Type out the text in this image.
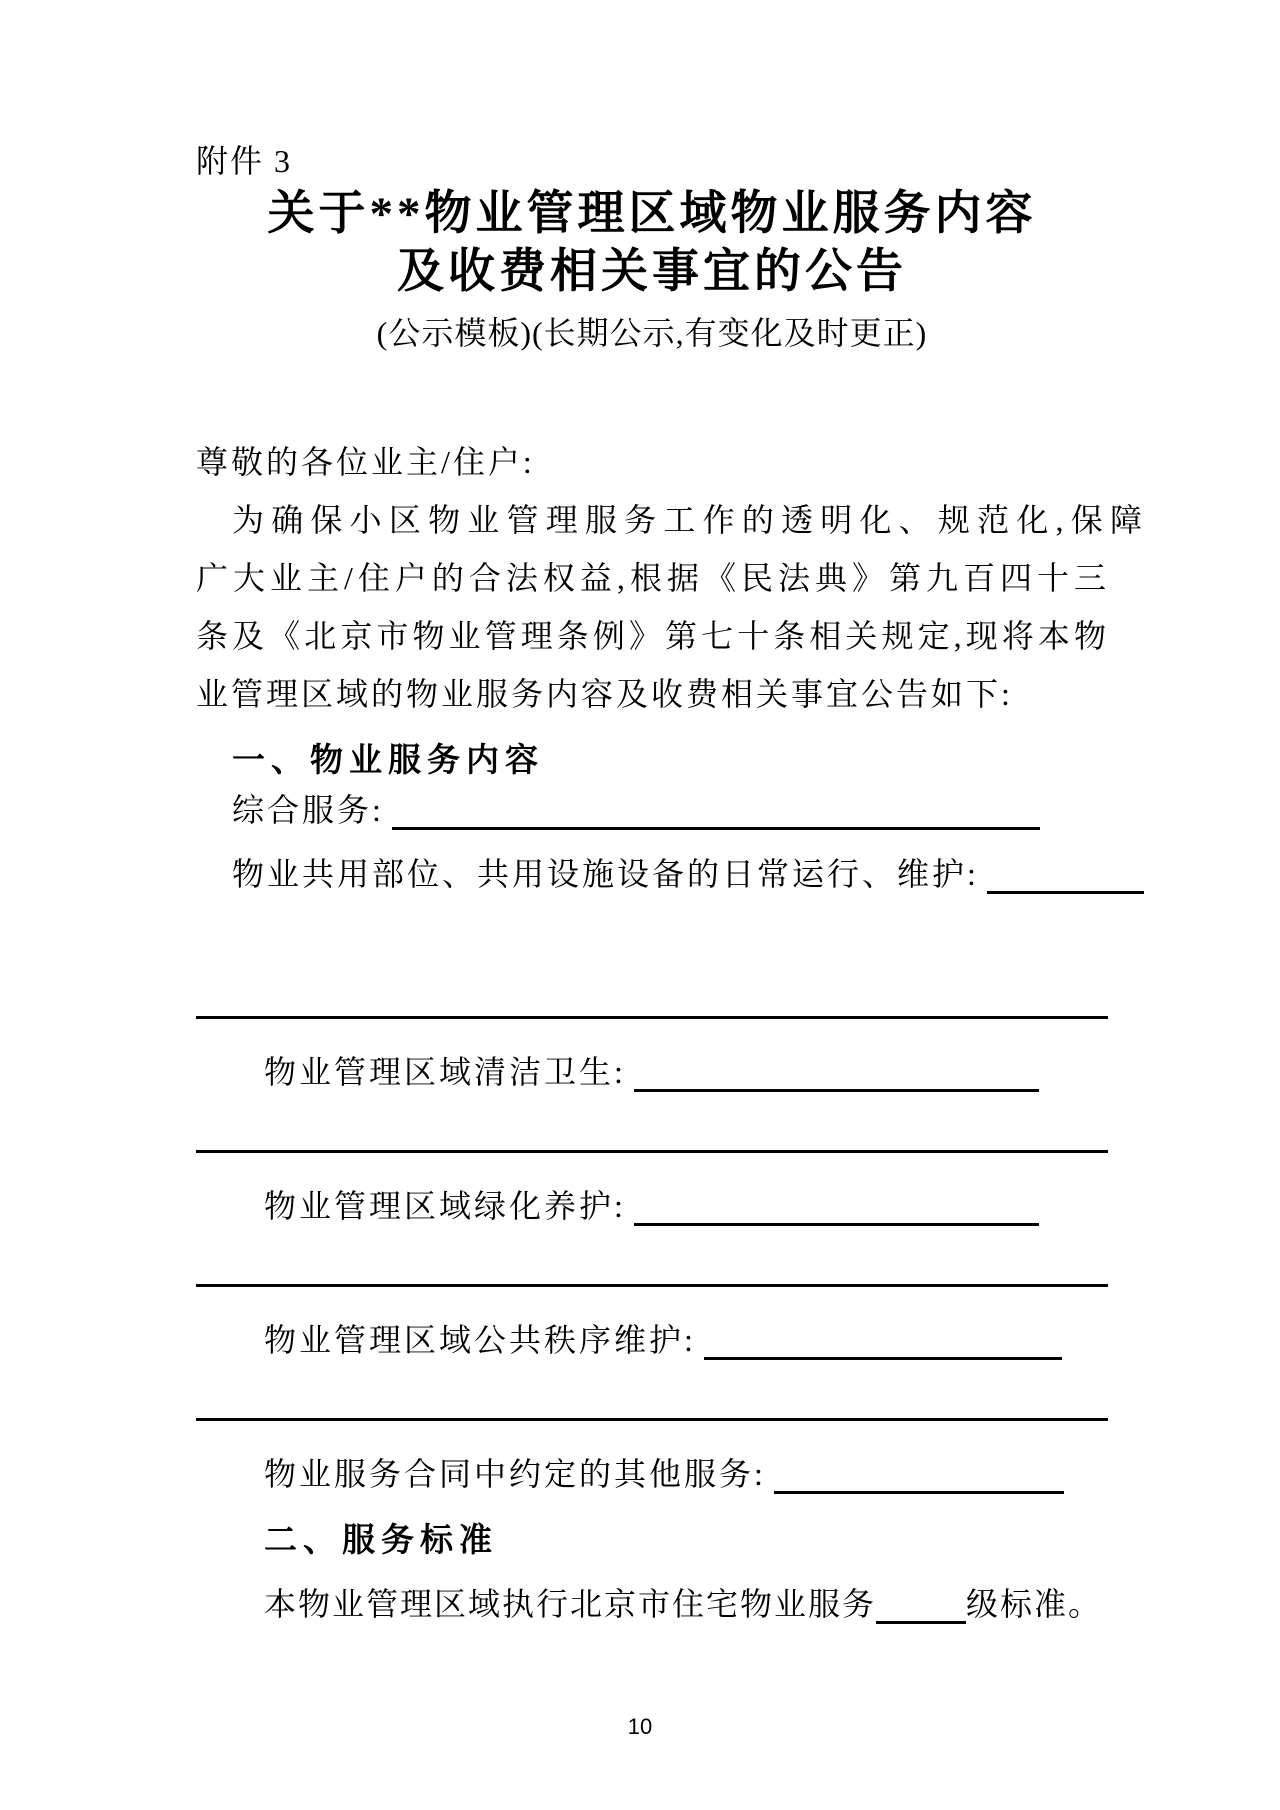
附件 3
关于**物业管理区域物业服务内容
及收费相关事宜的公告
(公示模板)(长期公示,有变化及时更正)
尊敬的各位业主/住户:
为确保小区物业管理服务工作的透明化、规范化,保障
广大业主/住户的合法权益,根据《民法典》第九百四十三
条及《北京市物业管理条例》第七十条相关规定,现将本物
业管理区域的物业服务内容及收费相关事宜公告如下:
一、物业服务内容
综合服务:
物业共用部位、共用设施设备的日常运行、维护:
物业管理区域清洁卫生:
物业管理区域绿化养护:
物业管理区域公共秩序维护:
物业服务合同中约定的其他服务:
二、服务标准
本物业管理区域执行北京市住宅物业服务	级标准。
10
